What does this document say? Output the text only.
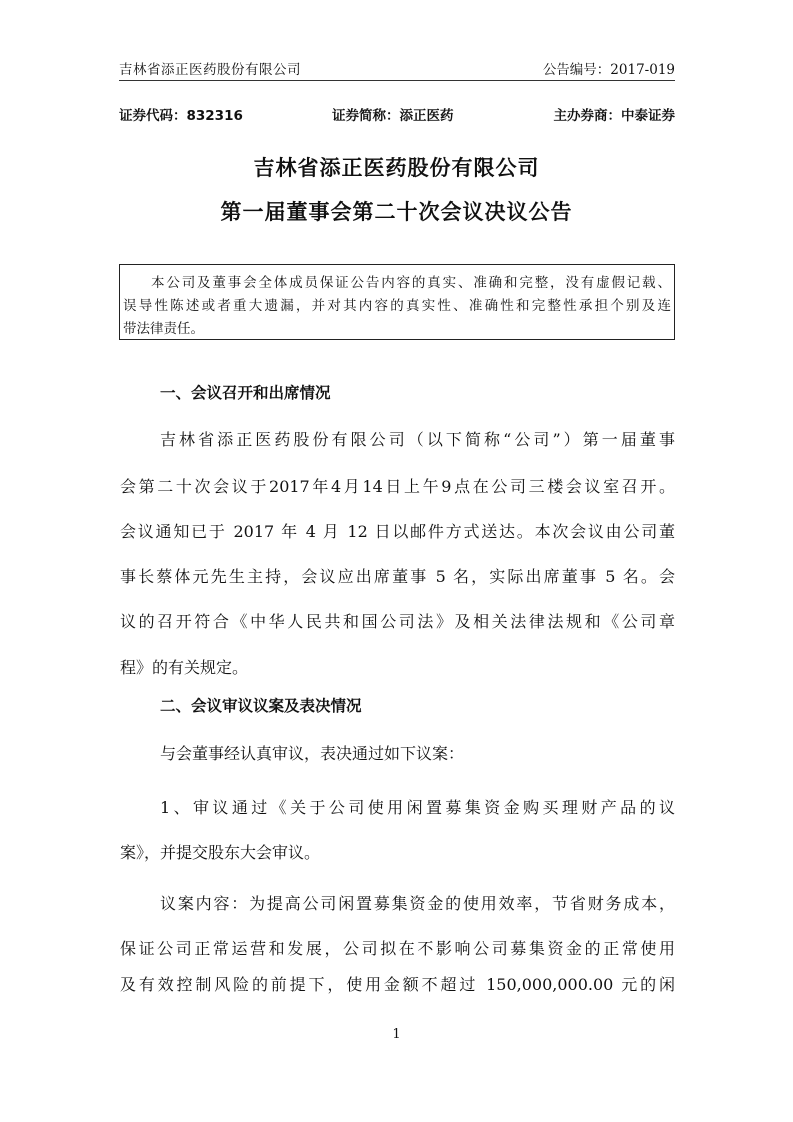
吉林省添正医药股份有限公司	公告编号：2017-019
证券代码：832316	证券简称：添正医药	主办券商：中泰证券
吉林省添正医药股份有限公司
第一届董事会第二十次会议决议公告
本公司及董事会全体成员保证公告内容的真实、准确和完整，没有虚假记载、
误导性陈述或者重大遗漏，并对其内容的真实性、准确性和完整性承担个别及连
带法律责任。
一、会议召开和出席情况
吉林省添正医药股份有限公司（以下简称“公司”）第一届董事
会第二十次会议于2017年4月14日上午9点在公司三楼会议室召开。
会议通知已于 2017 年 4 月 12 日以邮件方式送达。本次会议由公司董
事长蔡体元先生主持，会议应出席董事 5 名，实际出席董事 5 名。会
议的召开符合《中华人民共和国公司法》及相关法律法规和《公司章
程》的有关规定。
二、会议审议议案及表决情况
与会董事经认真审议，表决通过如下议案：
1、审议通过《关于公司使用闲置募集资金购买理财产品的议
案》，并提交股东大会审议。
议案内容：为提高公司闲置募集资金的使用效率，节省财务成本，
保证公司正常运营和发展，公司拟在不影响公司募集资金的正常使用
及有效控制风险的前提下，使用金额不超过 150,000,000.00 元的闲
1
